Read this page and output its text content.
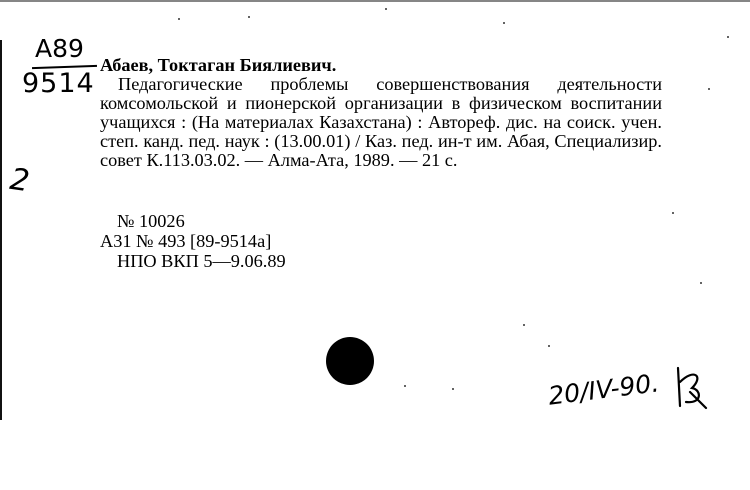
A89
9514
2
Абаев, Токтаган Биялиевич.
Педагогические проблемы совершенствования деятельности комсомольской и пионерской организации в физическом воспитании учащихся : (На материалах Казахстана) : Автореф. дис. на соиск. учен. степ. канд. пед. наук : (13.00.01) / Каз. пед. ин-т им. Абая, Специализир. совет К.113.03.02. — Алма-Ата, 1989. — 21 с.
№ 10026
А31 № 493 [89-9514а]
НПО ВКП 5—9.06.89
20/IV-90.
